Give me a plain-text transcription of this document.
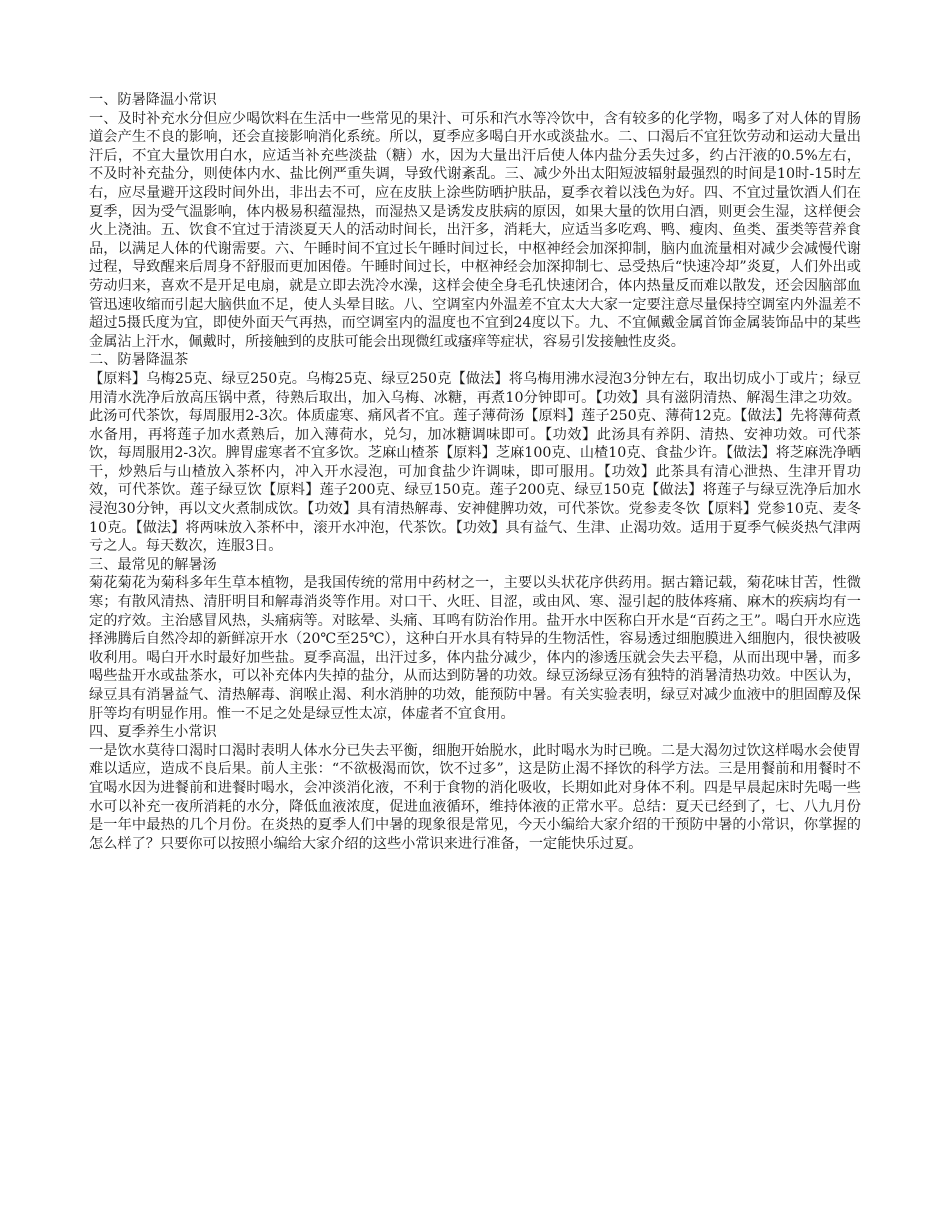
一、防暑降温小常识

一、及时补充水分但应少喝饮料在生活中一些常见的果汁、可乐和汽水等冷饮中，含有较多的化学物，喝多了对人体的胃肠道会产生不良的影响，还会直接影响消化系统。所以，夏季应多喝白开水或淡盐水。二、口渴后不宜狂饮劳动和运动大量出汗后，不宜大量饮用白水，应适当补充些淡盐（糖）水，因为大量出汗后使人体内盐分丢失过多，约占汗液的0.5%左右，不及时补充盐分，则使体内水、盐比例严重失调，导致代谢紊乱。三、减少外出太阳短波辐射最强烈的时间是10时-15时左右，应尽量避开这段时间外出，非出去不可，应在皮肤上涂些防晒护肤品，夏季衣着以浅色为好。四、不宜过量饮酒人们在夏季，因为受气温影响，体内极易积蕴湿热，而湿热又是诱发皮肤病的原因，如果大量的饮用白酒，则更会生湿，这样便会火上浇油。五、饮食不宜过于清淡夏天人的活动时间长，出汗多，消耗大，应适当多吃鸡、鸭、瘦肉、鱼类、蛋类等营养食品，以满足人体的代谢需要。六、午睡时间不宜过长午睡时间过长，中枢神经会加深抑制，脑内血流量相对减少会减慢代谢过程，导致醒来后周身不舒服而更加困倦。午睡时间过长，中枢神经会加深抑制七、忌受热后“快速冷却”炎夏，人们外出或劳动归来，喜欢不是开足电扇，就是立即去洗冷水澡，这样会使全身毛孔快速闭合，体内热量反而难以散发，还会因脑部血管迅速收缩而引起大脑供血不足，使人头晕目眩。八、空调室内外温差不宜太大大家一定要注意尽量保持空调室内外温差不超过5摄氏度为宜，即使外面天气再热，而空调室内的温度也不宜到24度以下。九、不宜佩戴金属首饰金属装饰品中的某些金属沾上汗水，佩戴时，所接触到的皮肤可能会出现微红或瘙痒等症状，容易引发接触性皮炎。

二、防暑降温茶

【原料】乌梅25克、绿豆250克。乌梅25克、绿豆250克【做法】将乌梅用沸水浸泡3分钟左右，取出切成小丁或片；绿豆用清水洗净后放高压锅中煮，待熟后取出，加入乌梅、冰糖，再煮10分钟即可。【功效】具有滋阴清热、解渴生津之功效。此汤可代茶饮，每周服用2-3次。体质虚寒、痛风者不宜。莲子薄荷汤【原料】莲子250克、薄荷12克。【做法】先将薄荷煮水备用，再将莲子加水煮熟后，加入薄荷水，兑匀，加冰糖调味即可。【功效】此汤具有养阴、清热、安神功效。可代茶饮，每周服用2-3次。脾胃虚寒者不宜多饮。芝麻山楂茶【原料】芝麻100克、山楂10克、食盐少许。【做法】将芝麻洗净晒干，炒熟后与山楂放入茶杯内，冲入开水浸泡，可加食盐少许调味，即可服用。【功效】此茶具有清心泄热、生津开胃功效，可代茶饮。莲子绿豆饮【原料】莲子200克、绿豆150克。莲子200克、绿豆150克【做法】将莲子与绿豆洗净后加水浸泡30分钟，再以文火煮制成饮。【功效】具有清热解毒、安神健脾功效，可代茶饮。党参麦冬饮【原料】党参10克、麦冬10克。【做法】将两味放入茶杯中，滚开水冲泡，代茶饮。【功效】具有益气、生津、止渴功效。适用于夏季气候炎热气津两亏之人。每天数次，连服3日。

三、最常见的解暑汤

菊花菊花为菊科多年生草本植物，是我国传统的常用中药材之一，主要以头状花序供药用。据古籍记载，菊花味甘苦，性微寒；有散风清热、清肝明目和解毒消炎等作用。对口干、火旺、目涩，或由风、寒、湿引起的肢体疼痛、麻木的疾病均有一定的疗效。主治感冒风热，头痛病等。对眩晕、头痛、耳鸣有防治作用。盐开水中医称白开水是“百药之王”。喝白开水应选择沸腾后自然冷却的新鲜凉开水（20℃至25℃），这种白开水具有特异的生物活性，容易透过细胞膜进入细胞内，很快被吸收利用。喝白开水时最好加些盐。夏季高温，出汗过多，体内盐分减少，体内的渗透压就会失去平稳，从而出现中暑，而多喝些盐开水或盐茶水，可以补充体内失掉的盐分，从而达到防暑的功效。绿豆汤绿豆汤有独特的消暑清热功效。中医认为，绿豆具有消暑益气、清热解毒、润喉止渴、利水消肿的功效，能预防中暑。有关实验表明，绿豆对减少血液中的胆固醇及保肝等均有明显作用。惟一不足之处是绿豆性太凉，体虚者不宜食用。

四、夏季养生小常识

一是饮水莫待口渴时口渴时表明人体水分已失去平衡，细胞开始脱水，此时喝水为时已晚。二是大渴勿过饮这样喝水会使胃难以适应，造成不良后果。前人主张：“不欲极渴而饮，饮不过多”，这是防止渴不择饮的科学方法。三是用餐前和用餐时不宜喝水因为进餐前和进餐时喝水，会冲淡消化液，不利于食物的消化吸收，长期如此对身体不利。四是早晨起床时先喝一些水可以补充一夜所消耗的水分，降低血液浓度，促进血液循环，维持体液的正常水平。总结：夏天已经到了，七、八九月份是一年中最热的几个月份。在炎热的夏季人们中暑的现象很是常见，今天小编给大家介绍的干预防中暑的小常识，你掌握的怎么样了？只要你可以按照小编给大家介绍的这些小常识来进行准备，一定能快乐过夏。
